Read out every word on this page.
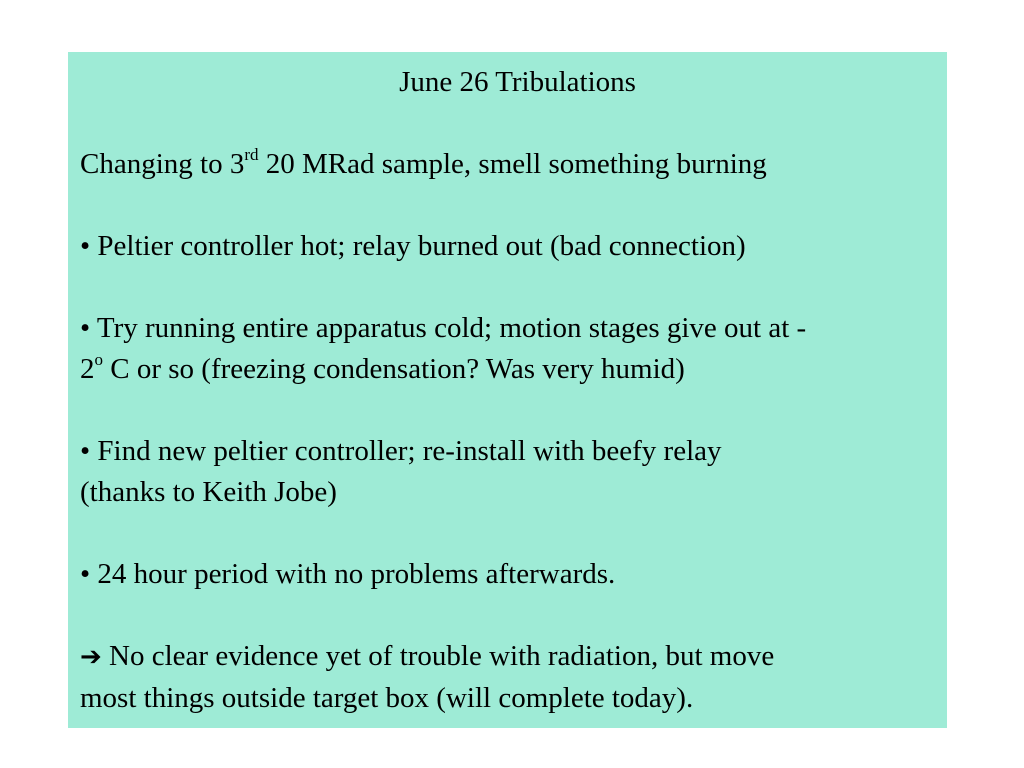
June 26 Tribulations

Changing to 3rd 20 MRad sample, smell something burning

• Peltier controller hot; relay burned out (bad connection)

• Try running entire apparatus cold; motion stages give out at -
2$^o$ C or so (freezing condensation? Was very humid)

• Find new peltier controller; re-install with beefy relay
(thanks to Keith Jobe)

• 24 hour period with no problems afterwards.

➔ No clear evidence yet of trouble with radiation, but move
most things outside target box (will complete today).
